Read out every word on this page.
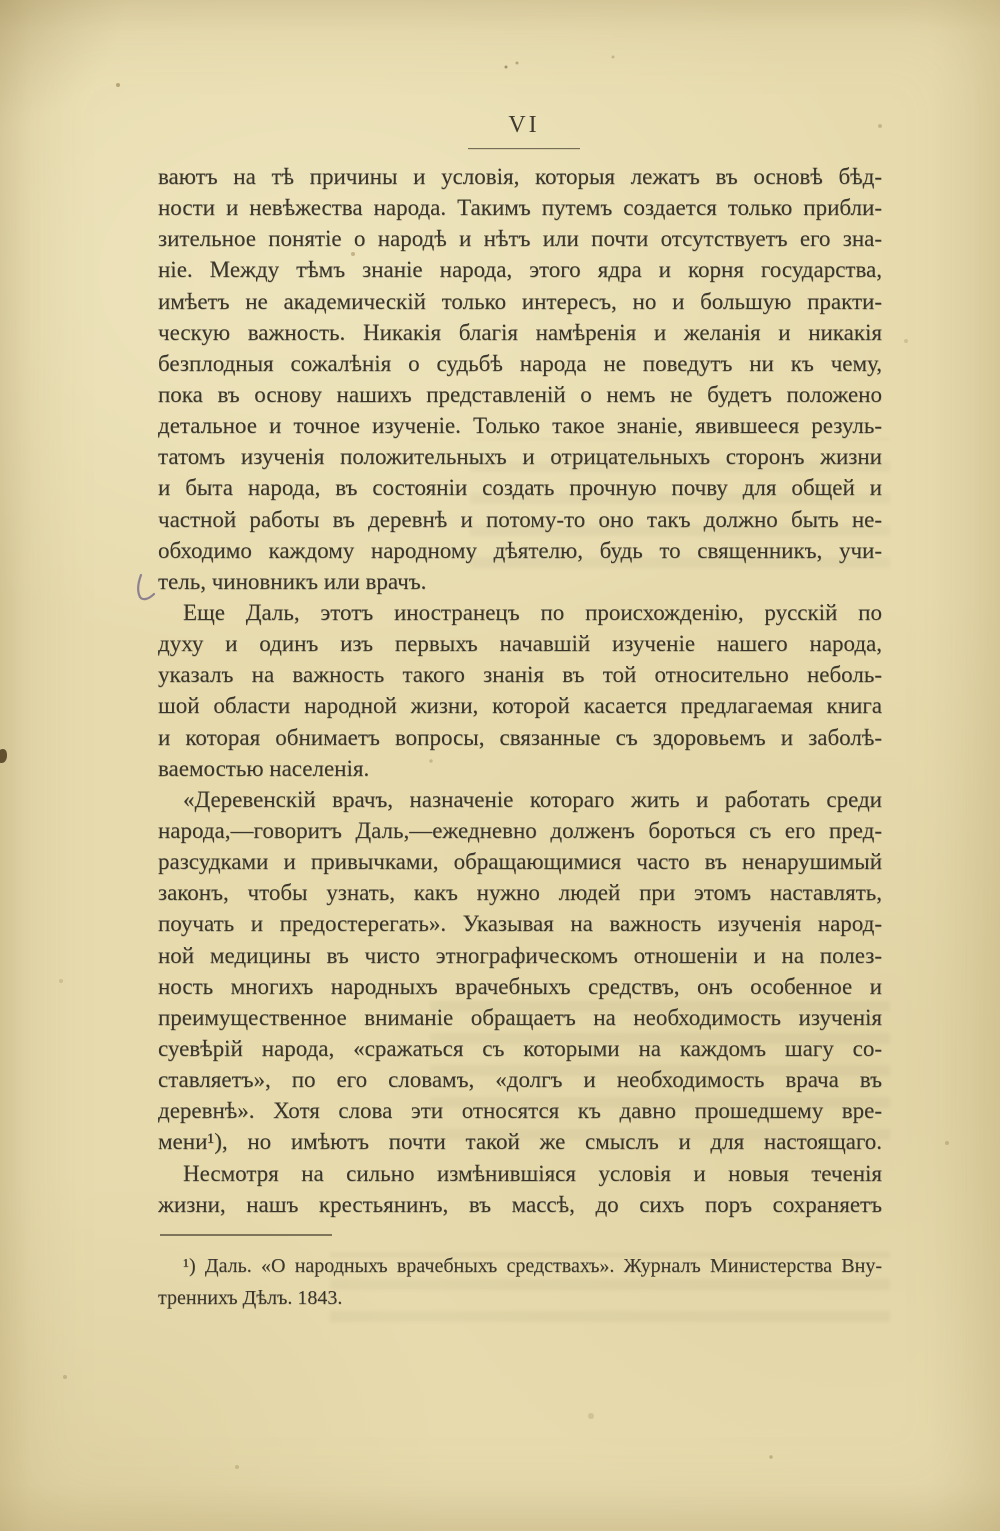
VI
ваютъ на тѣ причины и условія, которыя лежатъ въ основѣ бѣд-
ности и невѣжества народа. Такимъ путемъ создается только прибли-
зительное понятіе о народѣ и нѣтъ или почти отсутствуетъ его зна-
ніе. Между тѣмъ знаніе народа, этого ядра и корня государства,
имѣетъ не академическій только интересъ, но и большую практи-
ческую важность. Никакія благія намѣренія и желанія и никакія
безплодныя сожалѣнія о судьбѣ народа не поведутъ ни къ чему,
пока въ основу нашихъ представленій о немъ не будетъ положено
детальное и точное изученіе. Только такое знаніе, явившееся резуль-
татомъ изученія положительныхъ и отрицательныхъ сторонъ жизни
и быта народа, въ состояніи создать прочную почву для общей и
частной работы въ деревнѣ и потому-то оно такъ должно быть не-
обходимо каждому народному дѣятелю, будь то священникъ, учи-
тель, чиновникъ или врачъ.
Еще Даль, этотъ иностранецъ по происхожденію, русскій по
духу и одинъ изъ первыхъ начавшій изученіе нашего народа,
указалъ на важность такого знанія въ той относительно неболь-
шой области народной жизни, которой касается предлагаемая книга
и которая обнимаетъ вопросы, связанные съ здоровьемъ и заболѣ-
ваемостью населенія.
«Деревенскій врачъ, назначеніе котораго жить и работать среди
народа,—говоритъ Даль,—ежедневно долженъ бороться съ его пред-
разсудками и привычками, обращающимися часто въ ненарушимый
законъ, чтобы узнать, какъ нужно людей при этомъ наставлять,
поучать и предостерегать». Указывая на важность изученія народ-
ной медицины въ чисто этнографическомъ отношеніи и на полез-
ность многихъ народныхъ врачебныхъ средствъ, онъ особенное и
преимущественное вниманіе обращаетъ на необходимость изученія
суевѣрій народа, «сражаться съ которыми на каждомъ шагу со-
ставляетъ», по его словамъ, «долгъ и необходимость врача въ
деревнѣ». Хотя слова эти относятся къ давно прошедшему вре-
мени¹), но имѣютъ почти такой же смыслъ и для настоящаго.
Несмотря на сильно измѣнившіяся условія и новыя теченія
жизни, нашъ крестьянинъ, въ массѣ, до сихъ поръ сохраняетъ
¹) Даль. «О народныхъ врачебныхъ средствахъ». Журналъ Министерства Вну-
треннихъ Дѣлъ. 1843.
